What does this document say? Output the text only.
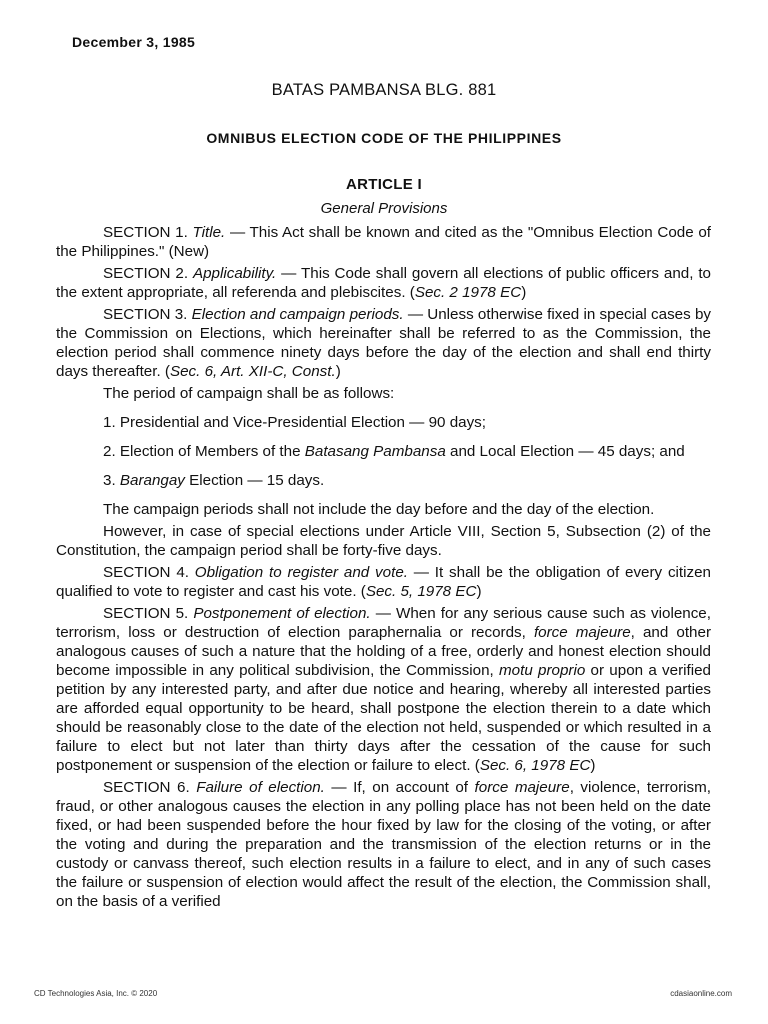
December 3, 1985
BATAS PAMBANSA BLG. 881
OMNIBUS ELECTION CODE OF THE PHILIPPINES
ARTICLE I
General Provisions

SECTION 1. Title. — This Act shall be known and cited as the "Omnibus Election Code of the Philippines." (New)

SECTION 2. Applicability. — This Code shall govern all elections of public officers and, to the extent appropriate, all referenda and plebiscites. (Sec. 2 1978 EC)

SECTION 3. Election and campaign periods. — Unless otherwise fixed in special cases by the Commission on Elections, which hereinafter shall be referred to as the Commission, the election period shall commence ninety days before the day of the election and shall end thirty days thereafter. (Sec. 6, Art. XII-C, Const.)

The period of campaign shall be as follows:

1. Presidential and Vice-Presidential Election — 90 days;
2. Election of Members of the Batasang Pambansa and Local Election — 45 days; and
3. Barangay Election — 15 days.

The campaign periods shall not include the day before and the day of the election.

However, in case of special elections under Article VIII, Section 5, Subsection (2) of the Constitution, the campaign period shall be forty-five days.

SECTION 4. Obligation to register and vote. — It shall be the obligation of every citizen qualified to vote to register and cast his vote. (Sec. 5, 1978 EC)

SECTION 5. Postponement of election. — When for any serious cause such as violence, terrorism, loss or destruction of election paraphernalia or records, force majeure, and other analogous causes of such a nature that the holding of a free, orderly and honest election should become impossible in any political subdivision, the Commission, motu proprio or upon a verified petition by any interested party, and after due notice and hearing, whereby all interested parties are afforded equal opportunity to be heard, shall postpone the election therein to a date which should be reasonably close to the date of the election not held, suspended or which resulted in a failure to elect but not later than thirty days after the cessation of the cause for such postponement or suspension of the election or failure to elect. (Sec. 6, 1978 EC)

SECTION 6. Failure of election. — If, on account of force majeure, violence, terrorism, fraud, or other analogous causes the election in any polling place has not been held on the date fixed, or had been suspended before the hour fixed by law for the closing of the voting, or after the voting and during the preparation and the transmission of the election returns or in the custody or canvass thereof, such election results in a failure to elect, and in any of such cases the failure or suspension of election would affect the result of the election, the Commission shall, on the basis of a verified

CD Technologies Asia, Inc. © 2020	cdasiaonline.com
